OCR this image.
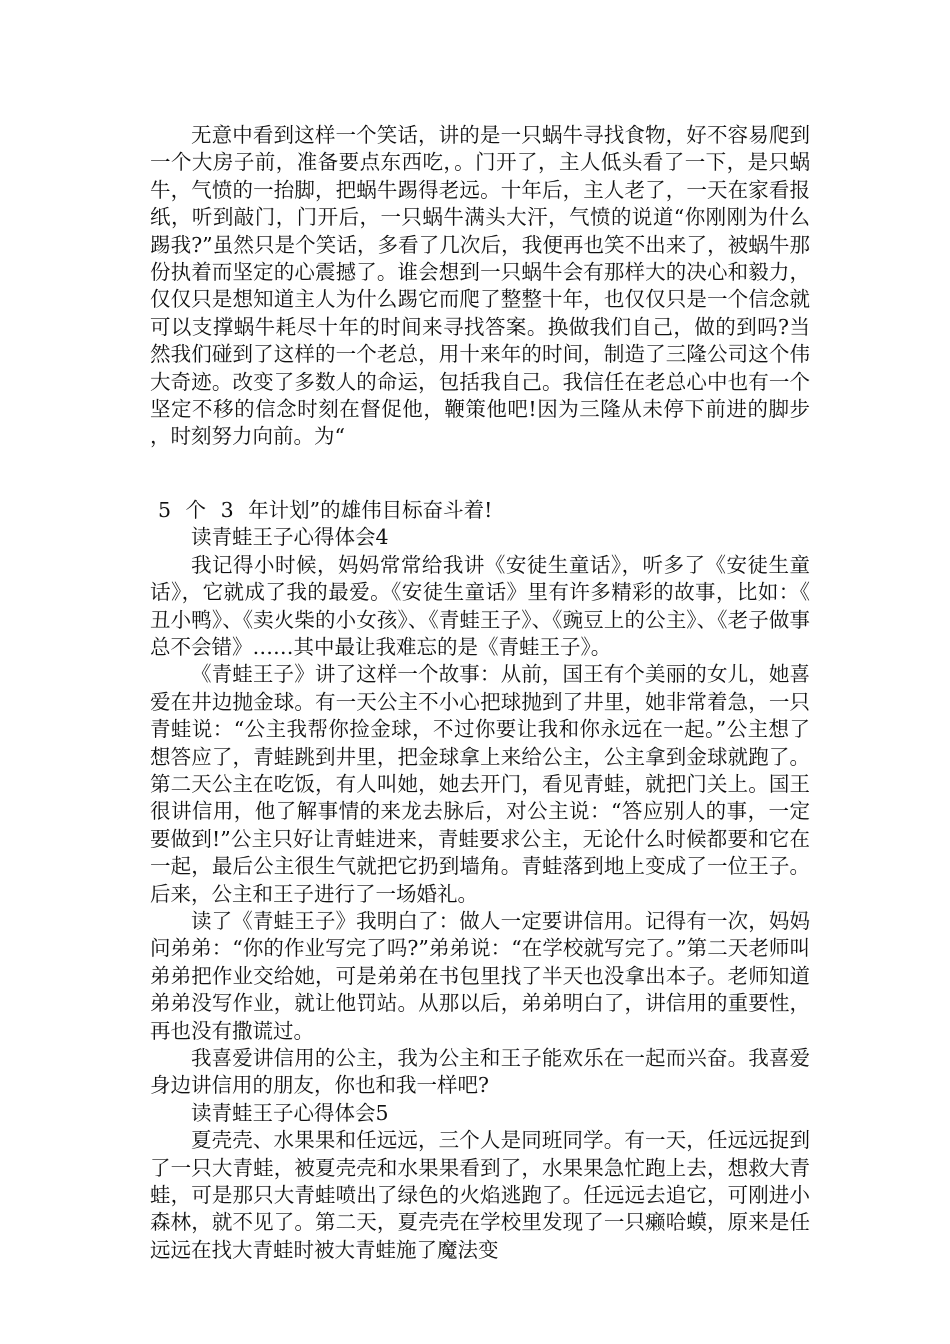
无意中看到这样一个笑话，讲的是一只蜗牛寻找食物，好不容易爬到一个大房子前，准备要点东西吃，。门开了，主人低头看了一下，是只蜗牛，气愤的一抬脚，把蜗牛踢得老远。十年后，主人老了，一天在家看报纸，听到敲门，门开后，一只蜗牛满头大汗，气愤的说道“你刚刚为什么踢我?”虽然只是个笑话，多看了几次后，我便再也笑不出来了，被蜗牛那份执着而坚定的心震撼了。谁会想到一只蜗牛会有那样大的决心和毅力，仅仅只是想知道主人为什么踢它而爬了整整十年，也仅仅只是一个信念就可以支撑蜗牛耗尽十年的时间来寻找答案。换做我们自己，做的到吗?当然我们碰到了这样的一个老总，用十来年的时间，制造了三隆公司这个伟大奇迹。改变了多数人的命运，包括我自己。我信任在老总心中也有一个坚定不移的信念时刻在督促他，鞭策他吧!因为三隆从未停下前进的脚步，时刻努力向前。为“

5 个 3 年计划”的雄伟目标奋斗着!

读青蛙王子心得体会4

我记得小时候，妈妈常常给我讲《安徒生童话》，听多了《安徒生童话》，它就成了我的最爱。《安徒生童话》里有许多精彩的故事，比如：《丑小鸭》、《卖火柴的小女孩》、《青蛙王子》、《豌豆上的公主》、《老子做事总不会错》……其中最让我难忘的是《青蛙王子》。

《青蛙王子》讲了这样一个故事：从前，国王有个美丽的女儿，她喜爱在井边抛金球。有一天公主不小心把球抛到了井里，她非常着急，一只青蛙说：“公主我帮你捡金球，不过你要让我和你永远在一起。”公主想了想答应了，青蛙跳到井里，把金球拿上来给公主，公主拿到金球就跑了。第二天公主在吃饭，有人叫她，她去开门，看见青蛙，就把门关上。国王很讲信用，他了解事情的来龙去脉后，对公主说：“答应别人的事，一定要做到!”公主只好让青蛙进来，青蛙要求公主，无论什么时候都要和它在一起，最后公主很生气就把它扔到墙角。青蛙落到地上变成了一位王子。后来，公主和王子进行了一场婚礼。

读了《青蛙王子》我明白了：做人一定要讲信用。记得有一次，妈妈问弟弟：“你的作业写完了吗?”弟弟说：“在学校就写完了。”第二天老师叫弟弟把作业交给她，可是弟弟在书包里找了半天也没拿出本子。老师知道弟弟没写作业，就让他罚站。从那以后，弟弟明白了，讲信用的重要性，再也没有撒谎过。

我喜爱讲信用的公主，我为公主和王子能欢乐在一起而兴奋。我喜爱身边讲信用的朋友，你也和我一样吧?

读青蛙王子心得体会5

夏壳壳、水果果和任远远，三个人是同班同学。有一天，任远远捉到了一只大青蛙，被夏壳壳和水果果看到了，水果果急忙跑上去，想救大青蛙，可是那只大青蛙喷出了绿色的火焰逃跑了。任远远去追它，可刚进小森林，就不见了。第二天，夏壳壳在学校里发现了一只癞哈蟆，原来是任远远在找大青蛙时被大青蛙施了魔法变
